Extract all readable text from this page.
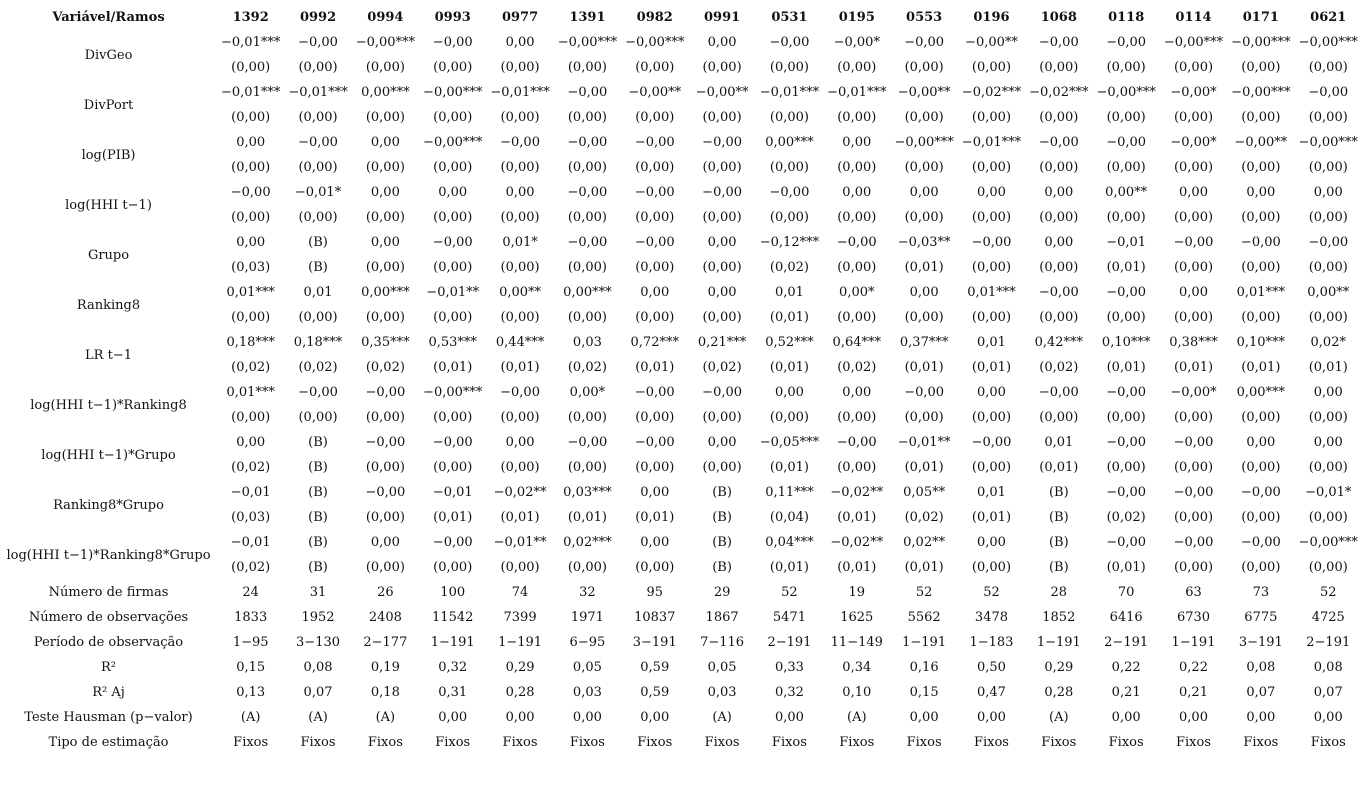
Variável/Ramos	1392	0992	0994	0993	0977	1391	0982	0991	0531	0195	0553	0196	1068	0118	0114	0171	0621
DivGeo	−0,01***	−0,00	−0,00***	−0,00	0,00	−0,00***	−0,00***	0,00	−0,00	−0,00*	−0,00	−0,00**	−0,00	−0,00	−0,00***	−0,00***	−0,00***
	(0,00)	(0,00)	(0,00)	(0,00)	(0,00)	(0,00)	(0,00)	(0,00)	(0,00)	(0,00)	(0,00)	(0,00)	(0,00)	(0,00)	(0,00)	(0,00)	(0,00)
DivPort	−0,01***	−0,01***	0,00***	−0,00***	−0,01***	−0,00	−0,00**	−0,00**	−0,01***	−0,01***	−0,00**	−0,02***	−0,02***	−0,00***	−0,00*	−0,00***	−0,00
	(0,00)	(0,00)	(0,00)	(0,00)	(0,00)	(0,00)	(0,00)	(0,00)	(0,00)	(0,00)	(0,00)	(0,00)	(0,00)	(0,00)	(0,00)	(0,00)	(0,00)
log(PIB)	0,00	−0,00	0,00	−0,00***	−0,00	−0,00	−0,00	−0,00	0,00***	0,00	−0,00***	−0,01***	−0,00	−0,00	−0,00*	−0,00**	−0,00***
	(0,00)	(0,00)	(0,00)	(0,00)	(0,00)	(0,00)	(0,00)	(0,00)	(0,00)	(0,00)	(0,00)	(0,00)	(0,00)	(0,00)	(0,00)	(0,00)	(0,00)
log(HHI t−1)	−0,00	−0,01*	0,00	0,00	0,00	−0,00	−0,00	−0,00	−0,00	0,00	0,00	0,00	0,00	0,00**	0,00	0,00	0,00
	(0,00)	(0,00)	(0,00)	(0,00)	(0,00)	(0,00)	(0,00)	(0,00)	(0,00)	(0,00)	(0,00)	(0,00)	(0,00)	(0,00)	(0,00)	(0,00)	(0,00)
Grupo	0,00	(B)	0,00	−0,00	0,01*	−0,00	−0,00	0,00	−0,12***	−0,00	−0,03**	−0,00	0,00	−0,01	−0,00	−0,00	−0,00
	(0,03)	(B)	(0,00)	(0,00)	(0,00)	(0,00)	(0,00)	(0,00)	(0,02)	(0,00)	(0,01)	(0,00)	(0,00)	(0,01)	(0,00)	(0,00)	(0,00)
Ranking8	0,01***	0,01	0,00***	−0,01**	0,00**	0,00***	0,00	0,00	0,01	0,00*	0,00	0,01***	−0,00	−0,00	0,00	0,01***	0,00**
	(0,00)	(0,00)	(0,00)	(0,00)	(0,00)	(0,00)	(0,00)	(0,00)	(0,01)	(0,00)	(0,00)	(0,00)	(0,00)	(0,00)	(0,00)	(0,00)	(0,00)
LR t−1	0,18***	0,18***	0,35***	0,53***	0,44***	0,03	0,72***	0,21***	0,52***	0,64***	0,37***	0,01	0,42***	0,10***	0,38***	0,10***	0,02*
	(0,02)	(0,02)	(0,02)	(0,01)	(0,01)	(0,02)	(0,01)	(0,02)	(0,01)	(0,02)	(0,01)	(0,01)	(0,02)	(0,01)	(0,01)	(0,01)	(0,01)
log(HHI t−1)*Ranking8	0,01***	−0,00	−0,00	−0,00***	−0,00	0,00*	−0,00	−0,00	0,00	0,00	−0,00	0,00	−0,00	−0,00	−0,00*	0,00***	0,00
	(0,00)	(0,00)	(0,00)	(0,00)	(0,00)	(0,00)	(0,00)	(0,00)	(0,00)	(0,00)	(0,00)	(0,00)	(0,00)	(0,00)	(0,00)	(0,00)	(0,00)
log(HHI t−1)*Grupo	0,00	(B)	−0,00	−0,00	0,00	−0,00	−0,00	0,00	−0,05***	−0,00	−0,01**	−0,00	0,01	−0,00	−0,00	0,00	0,00
	(0,02)	(B)	(0,00)	(0,00)	(0,00)	(0,00)	(0,00)	(0,00)	(0,01)	(0,00)	(0,01)	(0,00)	(0,01)	(0,00)	(0,00)	(0,00)	(0,00)
Ranking8*Grupo	−0,01	(B)	−0,00	−0,01	−0,02**	0,03***	0,00	(B)	0,11***	−0,02**	0,05**	0,01	(B)	−0,00	−0,00	−0,00	−0,01*
	(0,03)	(B)	(0,00)	(0,01)	(0,01)	(0,01)	(0,01)	(B)	(0,04)	(0,01)	(0,02)	(0,01)	(B)	(0,02)	(0,00)	(0,00)	(0,00)
log(HHI t−1)*Ranking8*Grupo	−0,01	(B)	0,00	−0,00	−0,01**	0,02***	0,00	(B)	0,04***	−0,02**	0,02**	0,00	(B)	−0,00	−0,00	−0,00	−0,00***
	(0,02)	(B)	(0,00)	(0,00)	(0,00)	(0,00)	(0,00)	(B)	(0,01)	(0,01)	(0,01)	(0,00)	(B)	(0,01)	(0,00)	(0,00)	(0,00)
Número de firmas	24	31	26	100	74	32	95	29	52	19	52	52	28	70	63	73	52
Número de observações	1833	1952	2408	11542	7399	1971	10837	1867	5471	1625	5562	3478	1852	6416	6730	6775	4725
Período de observação	1−95	3−130	2−177	1−191	1−191	6−95	3−191	7−116	2−191	11−149	1−191	1−183	1−191	2−191	1−191	3−191	2−191
R²	0,15	0,08	0,19	0,32	0,29	0,05	0,59	0,05	0,33	0,34	0,16	0,50	0,29	0,22	0,22	0,08	0,08
R² Aj	0,13	0,07	0,18	0,31	0,28	0,03	0,59	0,03	0,32	0,10	0,15	0,47	0,28	0,21	0,21	0,07	0,07
Teste Hausman (p−valor)	(A)	(A)	(A)	0,00	0,00	0,00	0,00	(A)	0,00	(A)	0,00	0,00	(A)	0,00	0,00	0,00	0,00
Tipo de estimação	Fixos	Fixos	Fixos	Fixos	Fixos	Fixos	Fixos	Fixos	Fixos	Fixos	Fixos	Fixos	Fixos	Fixos	Fixos	Fixos	Fixos
